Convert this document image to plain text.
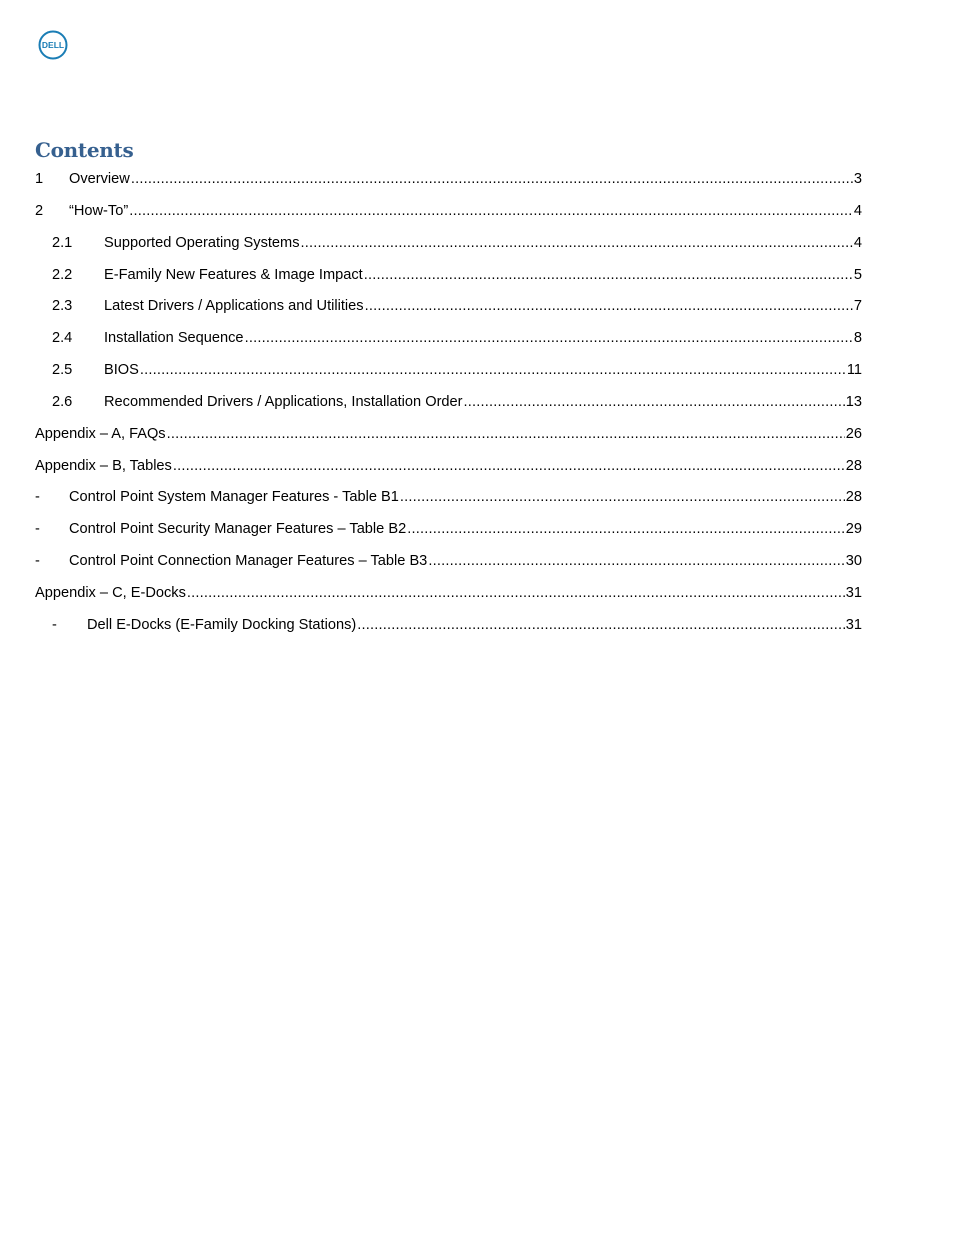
DELL
Contents
1	Overview .....	3
2	“How-To” .....	4
2.1	Supported Operating Systems .....	4
2.2	E-Family New Features & Image Impact .....	5
2.3	Latest Drivers / Applications and Utilities .....	7
2.4	Installation Sequence .....	8
2.5	BIOS .....	11
2.6	Recommended Drivers / Applications, Installation Order .....	13
Appendix – A, FAQs .....	26
Appendix – B, Tables .....	28
-	Control Point System Manager Features - Table B1 .....	28
-	Control Point Security Manager Features – Table B2 .....	29
-	Control Point Connection Manager Features – Table B3 .....	30
Appendix – C, E-Docks .....	31
-	Dell E-Docks (E-Family Docking Stations) .....	31
